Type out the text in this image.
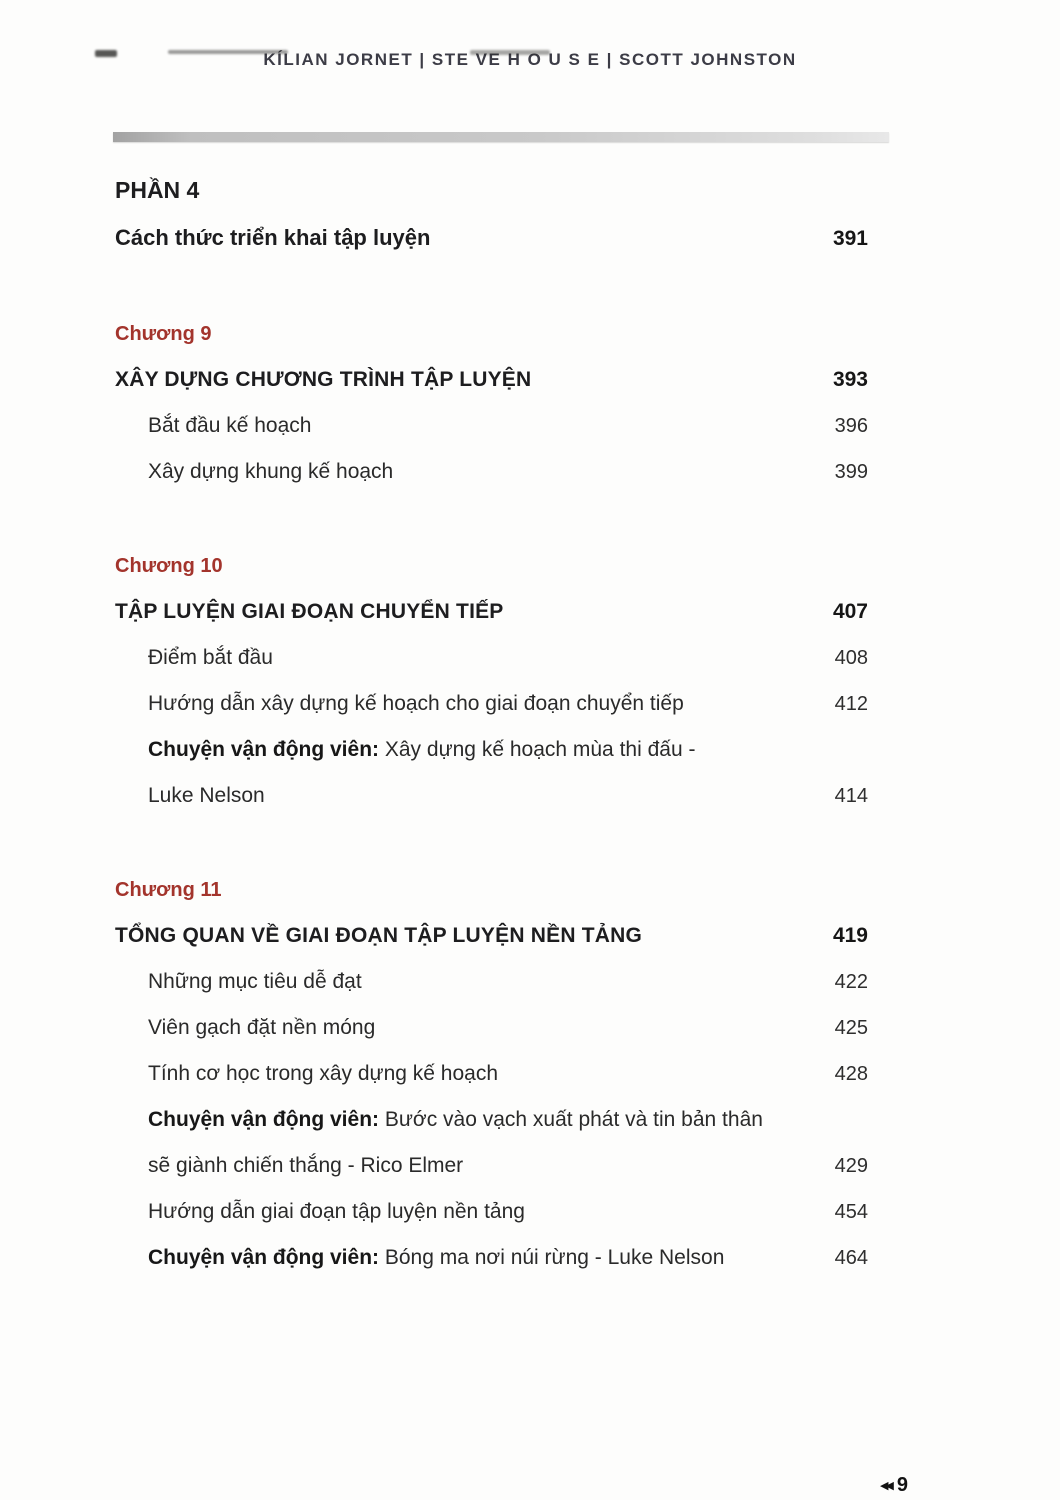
KÍLIAN JORNET | STE VE H O U S E | SCOTT JOHNSTON
PHẦN 4
Cách thức triển khai tập luyện	391
Chương 9
XÂY DỰNG CHƯƠNG TRÌNH TẬP LUYỆN	393
Bắt đầu kế hoạch	396
Xây dựng khung kế hoạch	399
Chương 10
TẬP LUYỆN GIAI ĐOẠN CHUYỂN TIẾP	407
Điểm bắt đầu	408
Hướng dẫn xây dựng kế hoạch cho giai đoạn chuyển tiếp	412
Chuyện vận động viên: Xây dựng kế hoạch mùa thi đấu -
Luke Nelson	414
Chương 11
TỔNG QUAN VỀ GIAI ĐOẠN TẬP LUYỆN NỀN TẢNG	419
Những mục tiêu dễ đạt	422
Viên gạch đặt nền móng	425
Tính cơ học trong xây dựng kế hoạch	428
Chuyện vận động viên: Bước vào vạch xuất phát và tin bản thân
sẽ giành chiến thắng - Rico Elmer	429
Hướng dẫn giai đoạn tập luyện nền tảng	454
Chuyện vận động viên: Bóng ma nơi núi rừng - Luke Nelson	464
◀◀ 9
